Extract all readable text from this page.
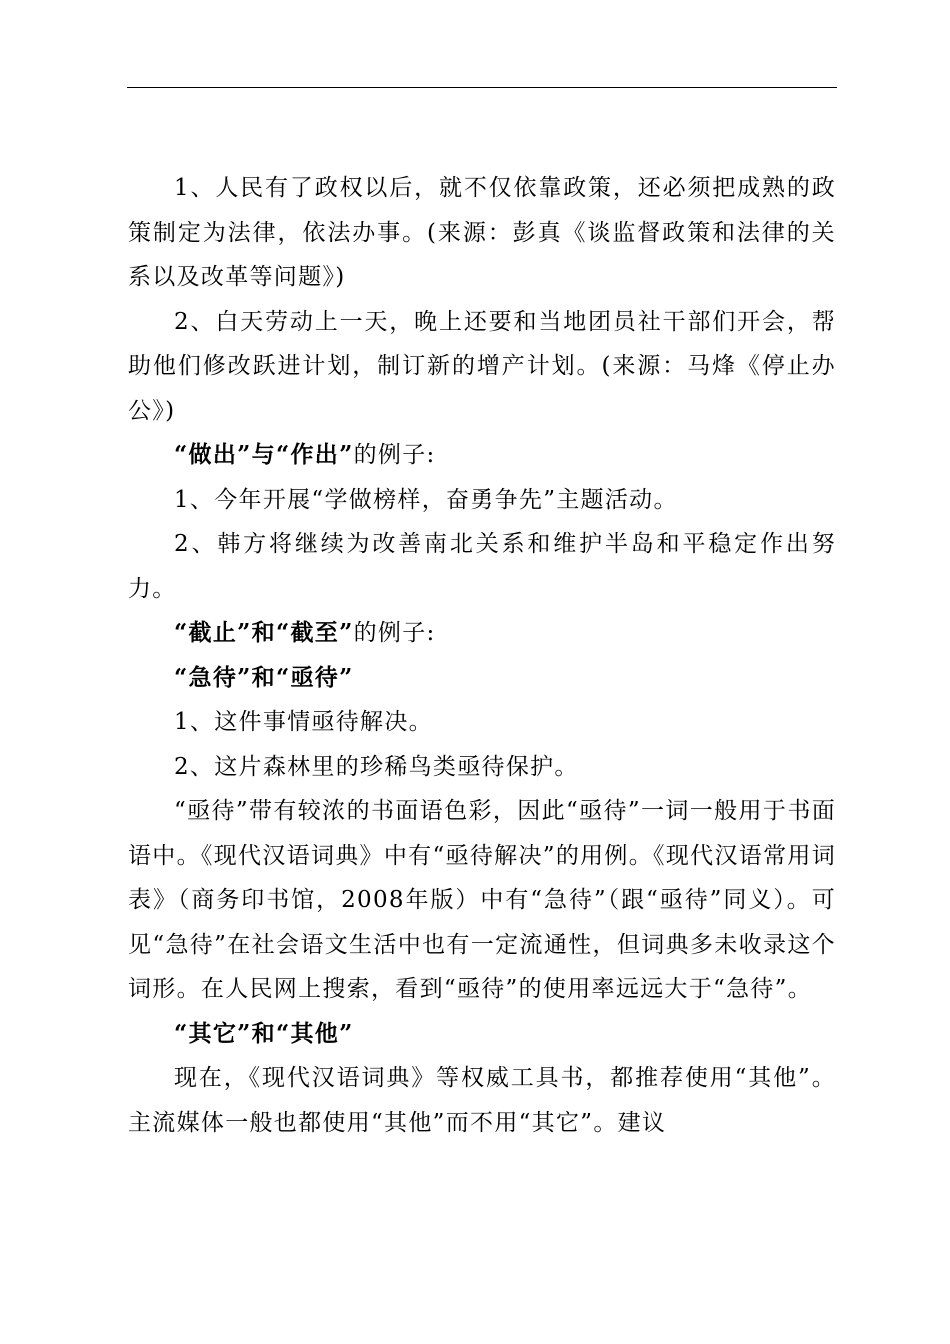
1、人民有了政权以后，就不仅依靠政策，还必须把成熟的政策制定为法律，依法办事。(来源：彭真《谈监督政策和法律的关系以及改革等问题》)

2、白天劳动上一天，晚上还要和当地团员社干部们开会，帮助他们修改跃进计划，制订新的增产计划。(来源：马烽《停止办公》)

“做出”与“作出”的例子:

1、今年开展“学做榜样，奋勇争先”主题活动。

2、韩方将继续为改善南北关系和维护半岛和平稳定作出努力。

“截止”和“截至”的例子:

“急待”和“亟待”

1、这件事情亟待解决。

2、这片森林里的珍稀鸟类亟待保护。

“亟待”带有较浓的书面语色彩，因此“亟待”一词一般用于书面语中。《现代汉语词典》中有“亟待解决”的用例。《现代汉语常用词表》（商务印书馆，2008年版）中有“急待”（跟“亟待”同义）。可见“急待”在社会语文生活中也有一定流通性，但词典多未收录这个词形。在人民网上搜索，看到“亟待”的使用率远远大于“急待”。

“其它”和“其他”

现在，《现代汉语词典》等权威工具书，都推荐使用“其他”。主流媒体一般也都使用“其他”而不用“其它”。建议
